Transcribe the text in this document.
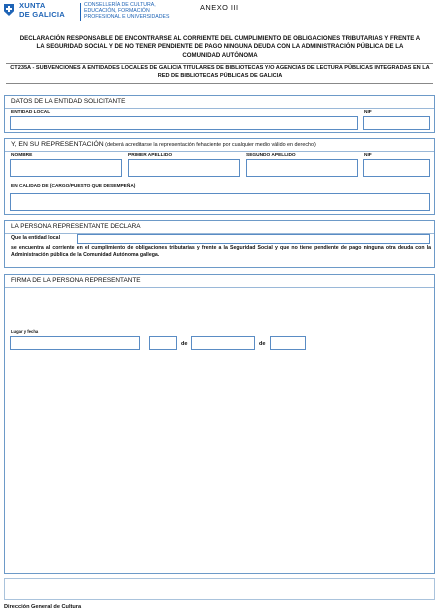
XUNTA
DE GALICIA
CONSELLERÍA DE CULTURA,
EDUCACIÓN, FORMACIÓN
PROFESIONAL E UNIVERSIDADES
ANEXO III
DECLARACIÓN RESPONSABLE DE ENCONTRARSE AL CORRIENTE DEL CUMPLIMIENTO DE OBLIGACIONES TRIBUTARIAS Y FRENTE A LA SEGURIDAD SOCIAL Y DE NO TENER PENDIENTE DE PAGO NINGUNA DEUDA CON LA ADMINISTRACIÓN PÚBLICA DE LA COMUNIDAD AUTÓNOMA
CT235A - SUBVENCIONES A ENTIDADES LOCALES DE GALICIA TITULARES DE BIBLIOTECAS Y/O AGENCIAS DE LECTURA PÚBLICAS INTEGRADAS EN LA RED DE BIBLIOTECAS PÚBLICAS DE GALICIA
DATOS DE LA ENTIDAD SOLICITANTE
ENTIDAD LOCAL	NIF
Y, EN SU REPRESENTACIÓN (deberá acreditarse la representación fehaciente por cualquier medio válido en derecho)
NOMBRE	PRIMER APELLIDO	SEGUNDO APELLIDO	NIF
EN CALIDAD DE (CARGO/PUESTO QUE DESEMPEÑA)
LA PERSONA REPRESENTANTE DECLARA
Que la entidad local
se encuentra al corriente en el cumplimiento de obligaciones tributarias y frente a la Seguridad Social y que no tiene pendiente de pago ninguna otra deuda con la Administración pública de la Comunidad Autónoma gallega.
FIRMA DE LA PERSONA REPRESENTANTE
Lugar y fecha
de	de
Dirección General de Cultura
